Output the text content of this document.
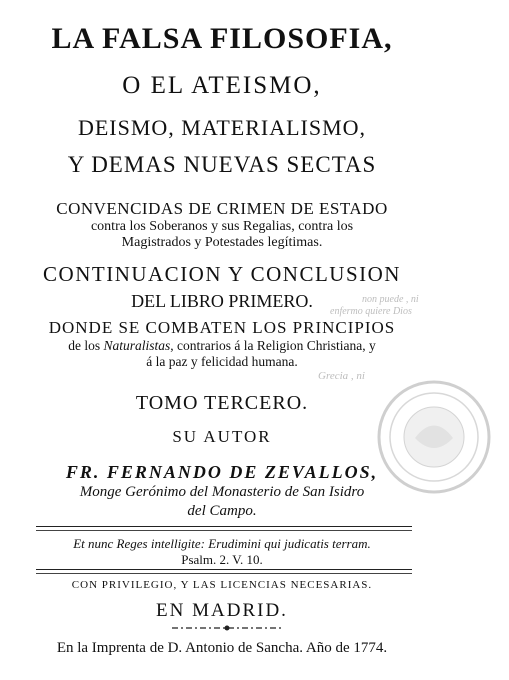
LA FALSA FILOSOFIA,
O EL ATEISMO,
DEISMO, MATERIALISMO,
Y DEMAS NUEVAS SECTAS
CONVENCIDAS DE CRIMEN DE ESTADO
contra los Soberanos y sus Regalias, contra los
Magistrados y Potestades legítimas.
CONTINUACION Y CONCLUSION
DEL LIBRO PRIMERO.
DONDE SE COMBATEN LOS PRINCIPIOS
de los Naturalistas, contrarios á la Religion Christiana, y
á la paz y felicidad humana.
TOMO TERCERO.
SU AUTOR
FR. FERNANDO DE ZEVALLOS,
Monge Gerónimo del Monasterio de San Isidro
del Campo.
Et nunc Reges intelligite: Erudimini qui judicatis terram.
Psalm. 2. V. 10.
CON PRIVILEGIO, Y LAS LICENCIAS NECESARIAS.
EN MADRID.
En la Imprenta de D. Antonio de Sancha. Año de 1774.
non puede , ni
enfermo quiere Dios
Grecia , ni
